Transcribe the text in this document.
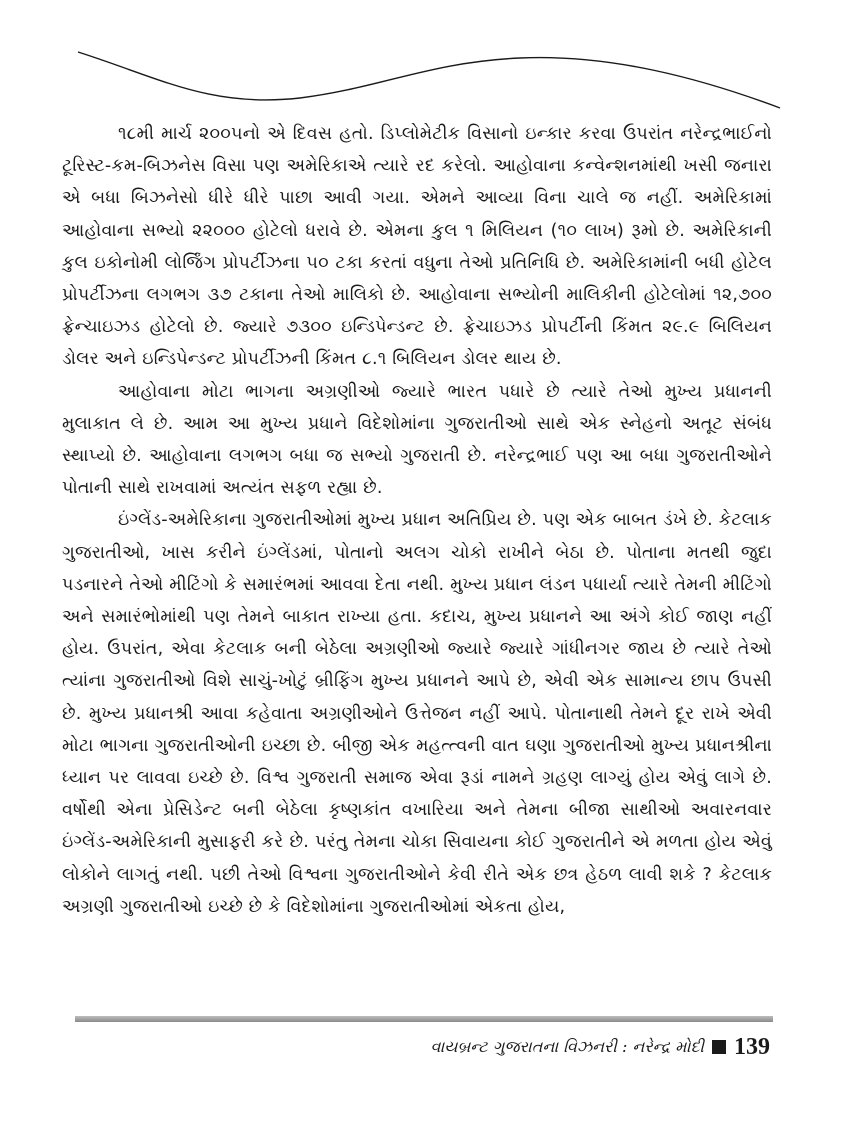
૧૮મી માર્ચ ૨૦૦૫નો એ દિવસ હતો. ડિપ્લોમેટીક વિસાનો ઇન્કાર કરવા ઉપરાંત નરેન્દ્રભાઈનો ટૂરિસ્ટ-કમ-બિઝનેસ વિસા પણ અમેરિકાએ ત્યારે રદ કરેલો. આહોવાના કન્વેન્શનમાંથી ખસી જનારા એ બધા બિઝનેસો ધીરે ધીરે પાછા આવી ગયા. એમને આવ્યા વિના ચાલે જ નહીં. અમેરિકામાં આહોવાના સભ્યો ૨૨૦૦૦ હોટેલો ધરાવે છે. એમના કુલ ૧ મિલિયન (૧૦ લાખ) રૂમો છે. અમેરિકાની કુલ ઇકોનોમી લોર્જિંગ પ્રોપર્ટીઝના ૫૦ ટકા કરતાં વધુના તેઓ પ્રતિનિધિ છે. અમેરિકામાંની બધી હોટેલ પ્રોપર્ટીઝના લગભગ ૩૭ ટકાના તેઓ માલિકો છે. આહોવાના સભ્યોની માલિકીની હોટેલોમાં ૧૨,૭૦૦ ફ્રેન્ચાઇઝડ હોટેલો છે. જ્યારે ૭૩૦૦ ઇન્ડિપેન્ડન્ટ છે. ફ્રેચાઇઝડ પ્રોપર્ટીની કિંમત ૨૯.૯ બિલિયન ડોલર અને ઇન્ડિપેન્ડન્ટ પ્રોપર્ટીઝની કિંમત ૮.૧ બિલિયન ડોલર થાય છે.

આહોવાના મોટા ભાગના અગ્રણીઓ જ્યારે ભારત પધારે છે ત્યારે તેઓ મુખ્ય પ્રધાનની મુલાકાત લે છે. આમ આ મુખ્ય પ્રધાને વિદેશોમાંના ગુજરાતીઓ સાથે એક સ્નેહનો અતૂટ સંબંધ સ્થાપ્યો છે. આહોવાના લગભગ બધા જ સભ્યો ગુજરાતી છે. નરેન્દ્રભાઈ પણ આ બધા ગુજરાતીઓને પોતાની સાથે રાખવામાં અત્યંત સફળ રહ્યા છે.

ઇંગ્લેંડ-અમેરિકાના ગુજરાતીઓમાં મુખ્ય પ્રધાન અતિપ્રિય છે. પણ એક બાબત ડંખે છે. કેટલાક ગુજરાતીઓ, ખાસ કરીને ઇંગ્લેંડમાં, પોતાનો અલગ ચોકો રાખીને બેઠા છે. પોતાના મતથી જુદા પડનારને તેઓ મીટિંગો કે સમારંભમાં આવવા દેતા નથી. મુખ્ય પ્રધાન લંડન પધાર્યા ત્યારે તેમની મીટિંગો અને સમારંભોમાંથી પણ તેમને બાકાત રાખ્યા હતા. કદાચ, મુખ્ય પ્રધાનને આ અંગે કોઈ જાણ નહીં હોય. ઉપરાંત, એવા કેટલાક બની બેઠેલા અગ્રણીઓ જ્યારે જ્યારે ગાંધીનગર જાય છે ત્યારે તેઓ ત્યાંના ગુજરાતીઓ વિશે સાચું-ખોટું બ્રીફિંગ મુખ્ય પ્રધાનને આપે છે, એવી એક સામાન્ય છાપ ઉપસી છે. મુખ્ય પ્રધાનશ્રી આવા કહેવાતા અગ્રણીઓને ઉત્તેજન નહીં આપે. પોતાનાથી તેમને દૂર રાખે એવી મોટા ભાગના ગુજરાતીઓની ઇચ્છા છે. બીજી એક મહત્ત્વની વાત ઘણા ગુજરાતીઓ મુખ્ય પ્રધાનશ્રીના ધ્યાન પર લાવવા ઇચ્છે છે. વિશ્વ ગુજરાતી સમાજ એવા રૂડાં નામને ગ્રહણ લાગ્યું હોય એવું લાગે છે. વર્ષોથી એના પ્રેસિડેન્ટ બની બેઠેલા કૃષ્ણકાંત વખારિયા અને તેમના બીજા સાથીઓ અવારનવાર ઇંગ્લેંડ-અમેરિકાની મુસાફરી કરે છે. પરંતુ તેમના ચોકા સિવાયના કોઈ ગુજરાતીને એ મળતા હોય એવું લોકોને લાગતું નથી. પછી તેઓ વિશ્વના ગુજરાતીઓને કેવી રીતે એક છત્ર હેઠળ લાવી શકે ? કેટલાક અગ્રણી ગુજરાતીઓ ઇચ્છે છે કે વિદેશોમાંના ગુજરાતીઓમાં એકતા હોય,

વાયબ્રન્ટ ગુજરાતના વિઝનરી : નરેન્દ્ર મોદી 139
